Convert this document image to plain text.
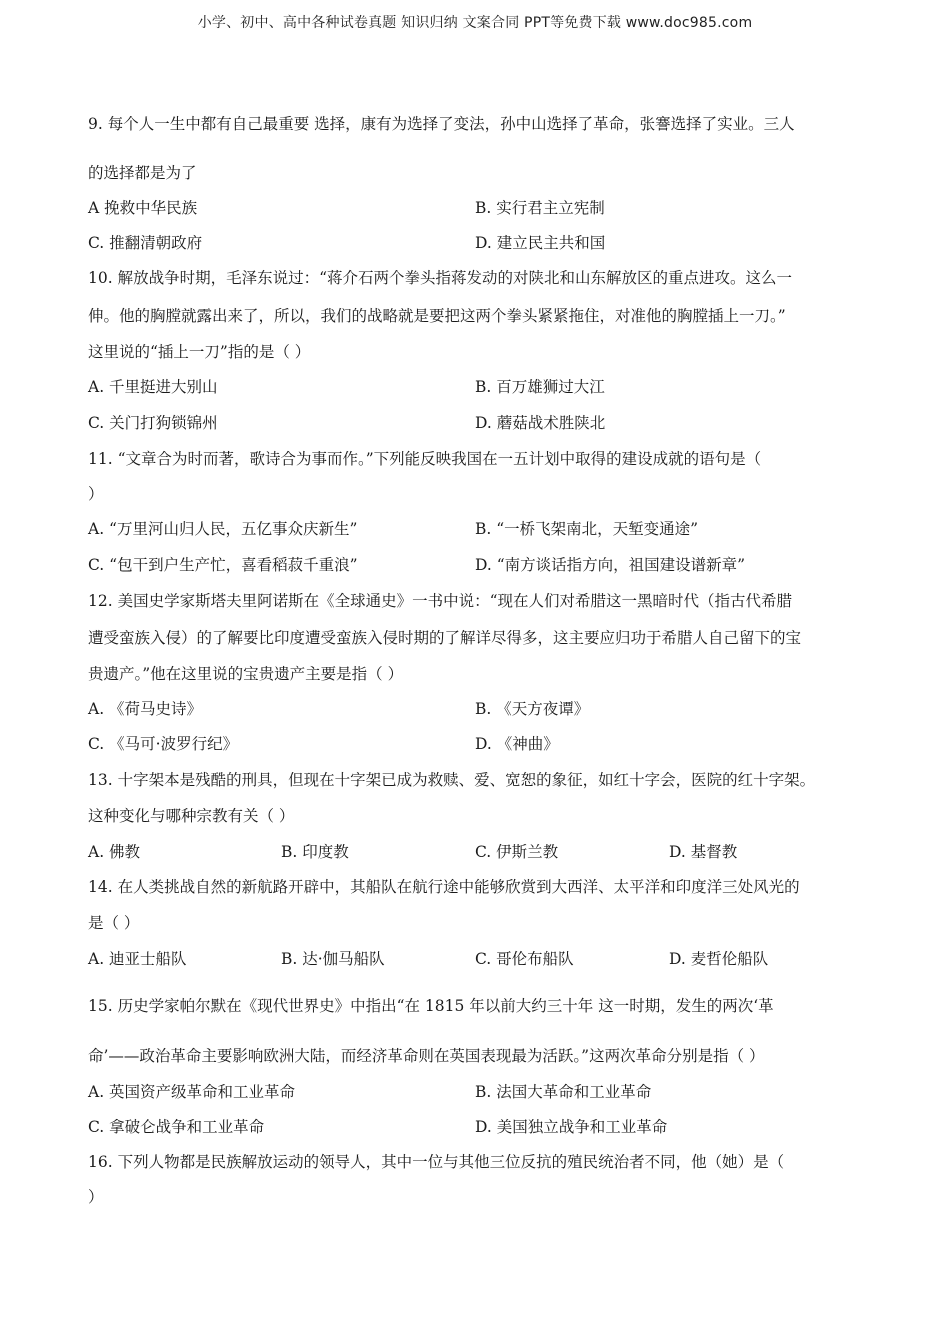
小学、初中、高中各种试卷真题 知识归纳 文案合同 PPT等免费下载 www.doc985.com
9. 每个人一生中都有自己最重要 选择，康有为选择了变法，孙中山选择了革命，张謇选择了实业。三人
的选择都是为了
A 挽救中华民族	B. 实行君主立宪制
C. 推翻清朝政府	D. 建立民主共和国
10. 解放战争时期，毛泽东说过：“蒋介石两个拳头指蒋发动的对陕北和山东解放区的重点进攻。这么一
伸。他的胸膛就露出来了，所以，我们的战略就是要把这两个拳头紧紧拖住，对准他的胸膛插上一刀。”
这里说的“插上一刀”指的是（ ）
A. 千里挺进大别山	B. 百万雄狮过大江
C. 关门打狗锁锦州	D. 蘑菇战术胜陕北
11. “文章合为时而著，歌诗合为事而作。”下列能反映我国在一五计划中取得的建设成就的语句是（
）
A. “万里河山归人民，五亿事众庆新生”	B. “一桥飞架南北，天堑变通途”
C. “包干到户生产忙，喜看稻菽千重浪”	D. “南方谈话指方向，祖国建设谱新章”
12. 美国史学家斯塔夫里阿诺斯在《全球通史》一书中说：“现在人们对希腊这一黑暗时代（指古代希腊
遭受蛮族入侵）的了解要比印度遭受蛮族入侵时期的了解详尽得多，这主要应归功于希腊人自己留下的宝
贵遗产。”他在这里说的宝贵遗产主要是指（ ）
A. 《荷马史诗》	B. 《天方夜谭》
C. 《马可·波罗行纪》	D. 《神曲》
13. 十字架本是残酷的刑具，但现在十字架已成为救赎、爱、宽恕的象征，如红十字会，医院的红十字架。
这种变化与哪种宗教有关（ ）
A. 佛教	B. 印度教	C. 伊斯兰教	D. 基督教
14. 在人类挑战自然的新航路开辟中，其船队在航行途中能够欣赏到大西洋、太平洋和印度洋三处风光的
是（ ）
A. 迪亚士船队	B. 达·伽马船队	C. 哥伦布船队	D. 麦哲伦船队
15. 历史学家帕尔默在《现代世界史》中指出“在 1815 年以前大约三十年 这一时期，发生的两次‘革
命’——政治革命主要影响欧洲大陆，而经济革命则在英国表现最为活跃。”这两次革命分别是指（ ）
A. 英国资产级革命和工业革命	B. 法国大革命和工业革命
C. 拿破仑战争和工业革命	D. 美国独立战争和工业革命
16. 下列人物都是民族解放运动的领导人，其中一位与其他三位反抗的殖民统治者不同，他（她）是（
）
